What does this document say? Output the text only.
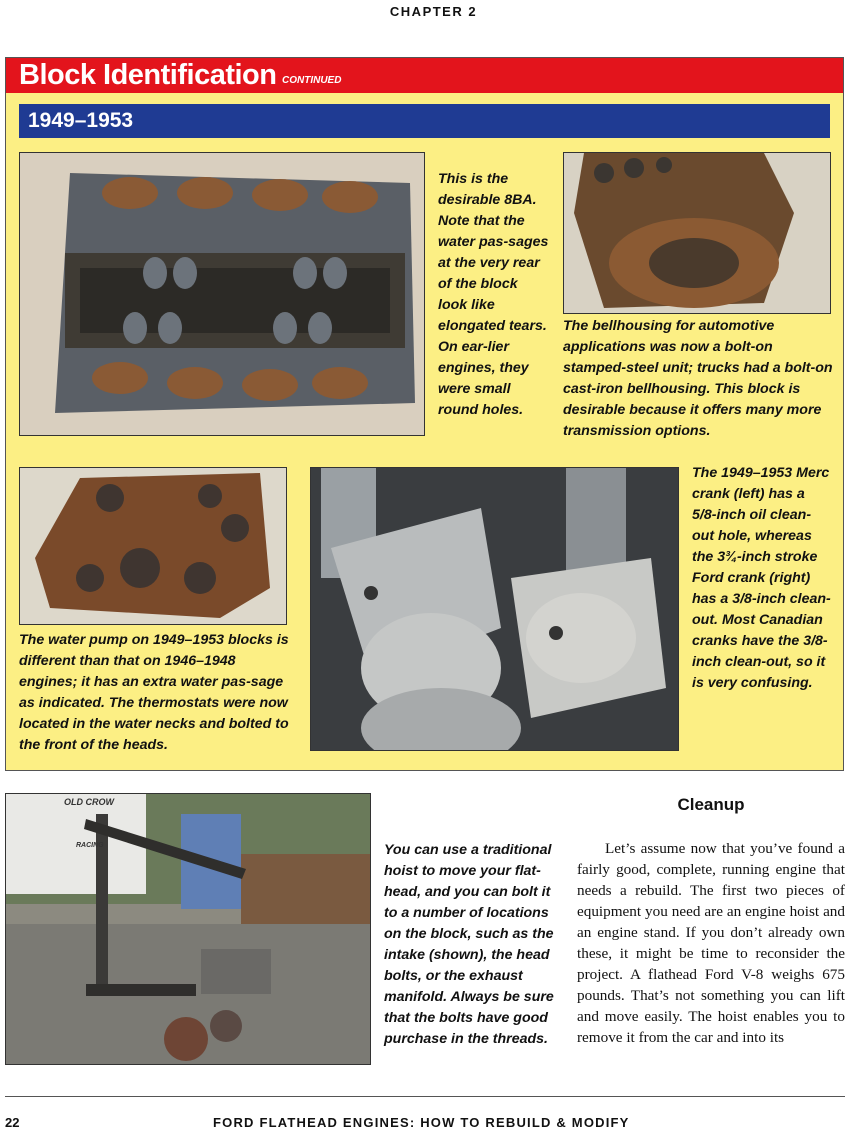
CHAPTER 2
Block Identification CONTINUED
1949–1953
This is the desirable 8BA. Note that the water pas-sages at the very rear of the block look like elongated tears. On ear-lier engines, they were small round holes.
The bellhousing for automotive applications was now a bolt-on stamped-steel unit; trucks had a bolt-on cast-iron bellhousing. This block is desirable because it offers many more transmission options.
The water pump on 1949–1953 blocks is different than that on 1946–1948 engines; it has an extra water pas-sage as indicated. The thermostats were now located in the water necks and bolted to the front of the heads.
The 1949–1953 Merc crank (left) has a 5/8-inch oil clean-out hole, whereas the 3¾-inch stroke Ford crank (right) has a 3/8-inch clean-out. Most Canadian cranks have the 3/8-inch clean-out, so it is very confusing.
OLD CROW
RACING	You can use a traditional hoist to move your flat-head, and you can bolt it to a number of locations on the block, such as the intake (shown), the head bolts, or the exhaust manifold. Always be sure that the bolts have good purchase in the threads.
Cleanup
Let’s assume now that you’ve found a fairly good, complete, running engine that needs a rebuild. The first two pieces of equipment you need are an engine hoist and an engine stand. If you don’t already own these, it might be time to reconsider the project. A flathead Ford V-8 weighs 675 pounds. That’s not something you can lift and move easily. The hoist enables you to remove it from the car and into its
22	FORD FLATHEAD ENGINES: HOW TO REBUILD & MODIFY
